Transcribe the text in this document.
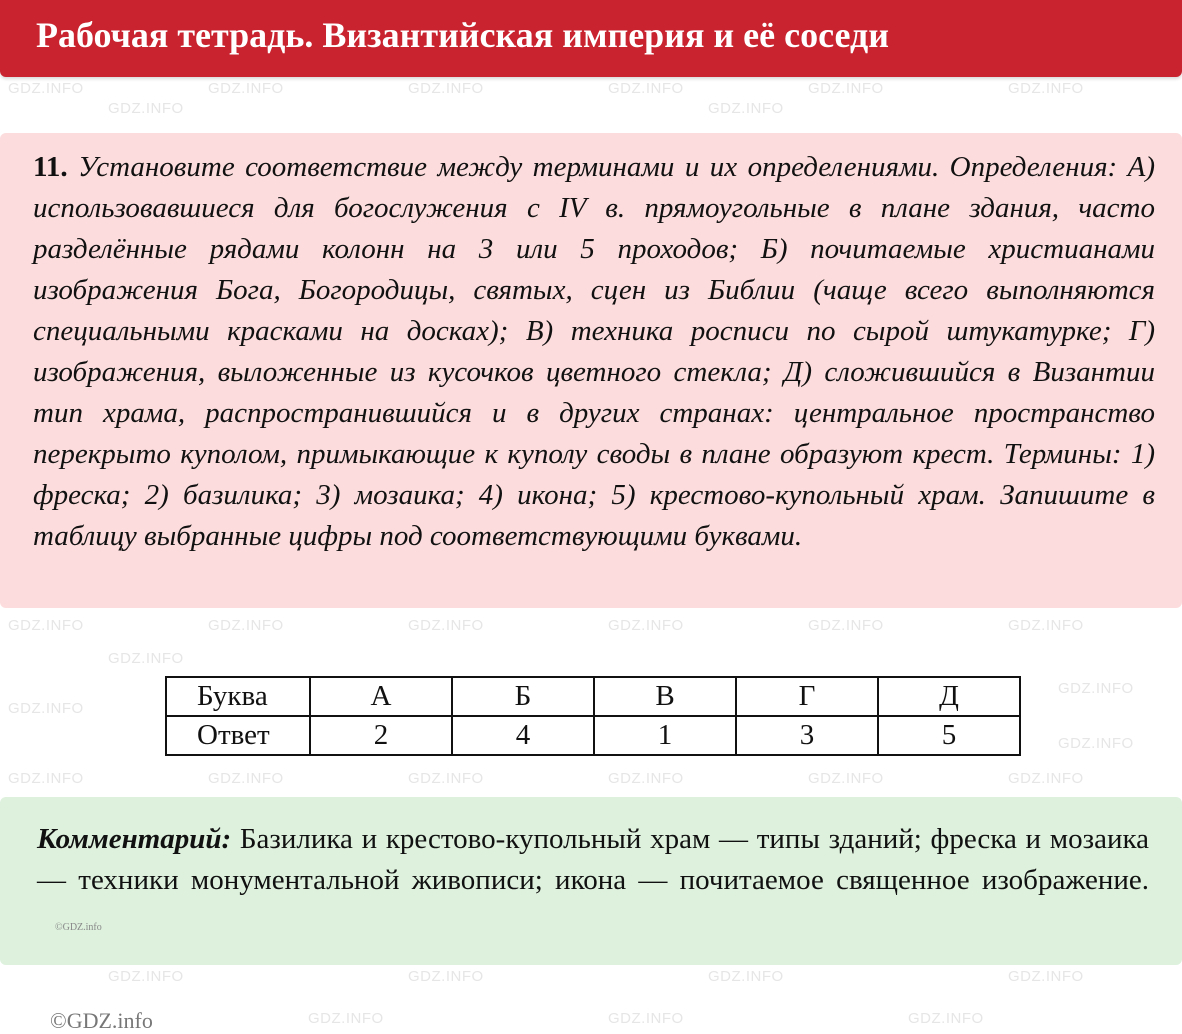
GDZ.INFO	GDZ.INFO	GDZ.INFO	GDZ.INFO	GDZ.INFO	GDZ.INFO
GDZ.INFO	GDZ.INFO
GDZ.INFO	GDZ.INFO	GDZ.INFO	GDZ.INFO	GDZ.INFO	GDZ.INFO
GDZ.INFO
GDZ.INFO
GDZ.INFO
GDZ.INFO
GDZ.INFO	GDZ.INFO	GDZ.INFO	GDZ.INFO	GDZ.INFO	GDZ.INFO
GDZ.INFO	GDZ.INFO	GDZ.INFO	GDZ.INFO
GDZ.INFO	GDZ.INFO	GDZ.INFO
Рабочая тетрадь. Византийская империя и её соседи
11. Установите соответствие между терминами и их определениями. Определения: А) использовавшиеся для богослужения с IV в. прямоугольные в плане здания, часто разделённые рядами колонн на 3 или 5 проходов; Б) почитаемые христианами изображения Бога, Богородицы, святых, сцен из Библии (чаще всего выполняются специальными красками на досках); В) техника росписи по сырой штукатурке; Г) изображения, выложенные из кусочков цветного стекла; Д) сложившийся в Византии тип храма, распространившийся и в других странах: центральное пространство перекрыто куполом, примыкающие к куполу своды в плане образуют крест. Термины: 1) фреска; 2) базилика; 3) мозаика; 4) икона; 5) крестово-купольный храм. Запишите в таблицу выбранные цифры под соответствующими буквами.
Буква	А	Б	В	Г	Д
Ответ	2	4	1	3	5
Комментарий: Базилика и крестово-купольный храм — типы зданий; фреска и мозаика — техники монументальной живописи; икона — почитаемое священное изображение. ©GDZ.info
©GDZ.info
